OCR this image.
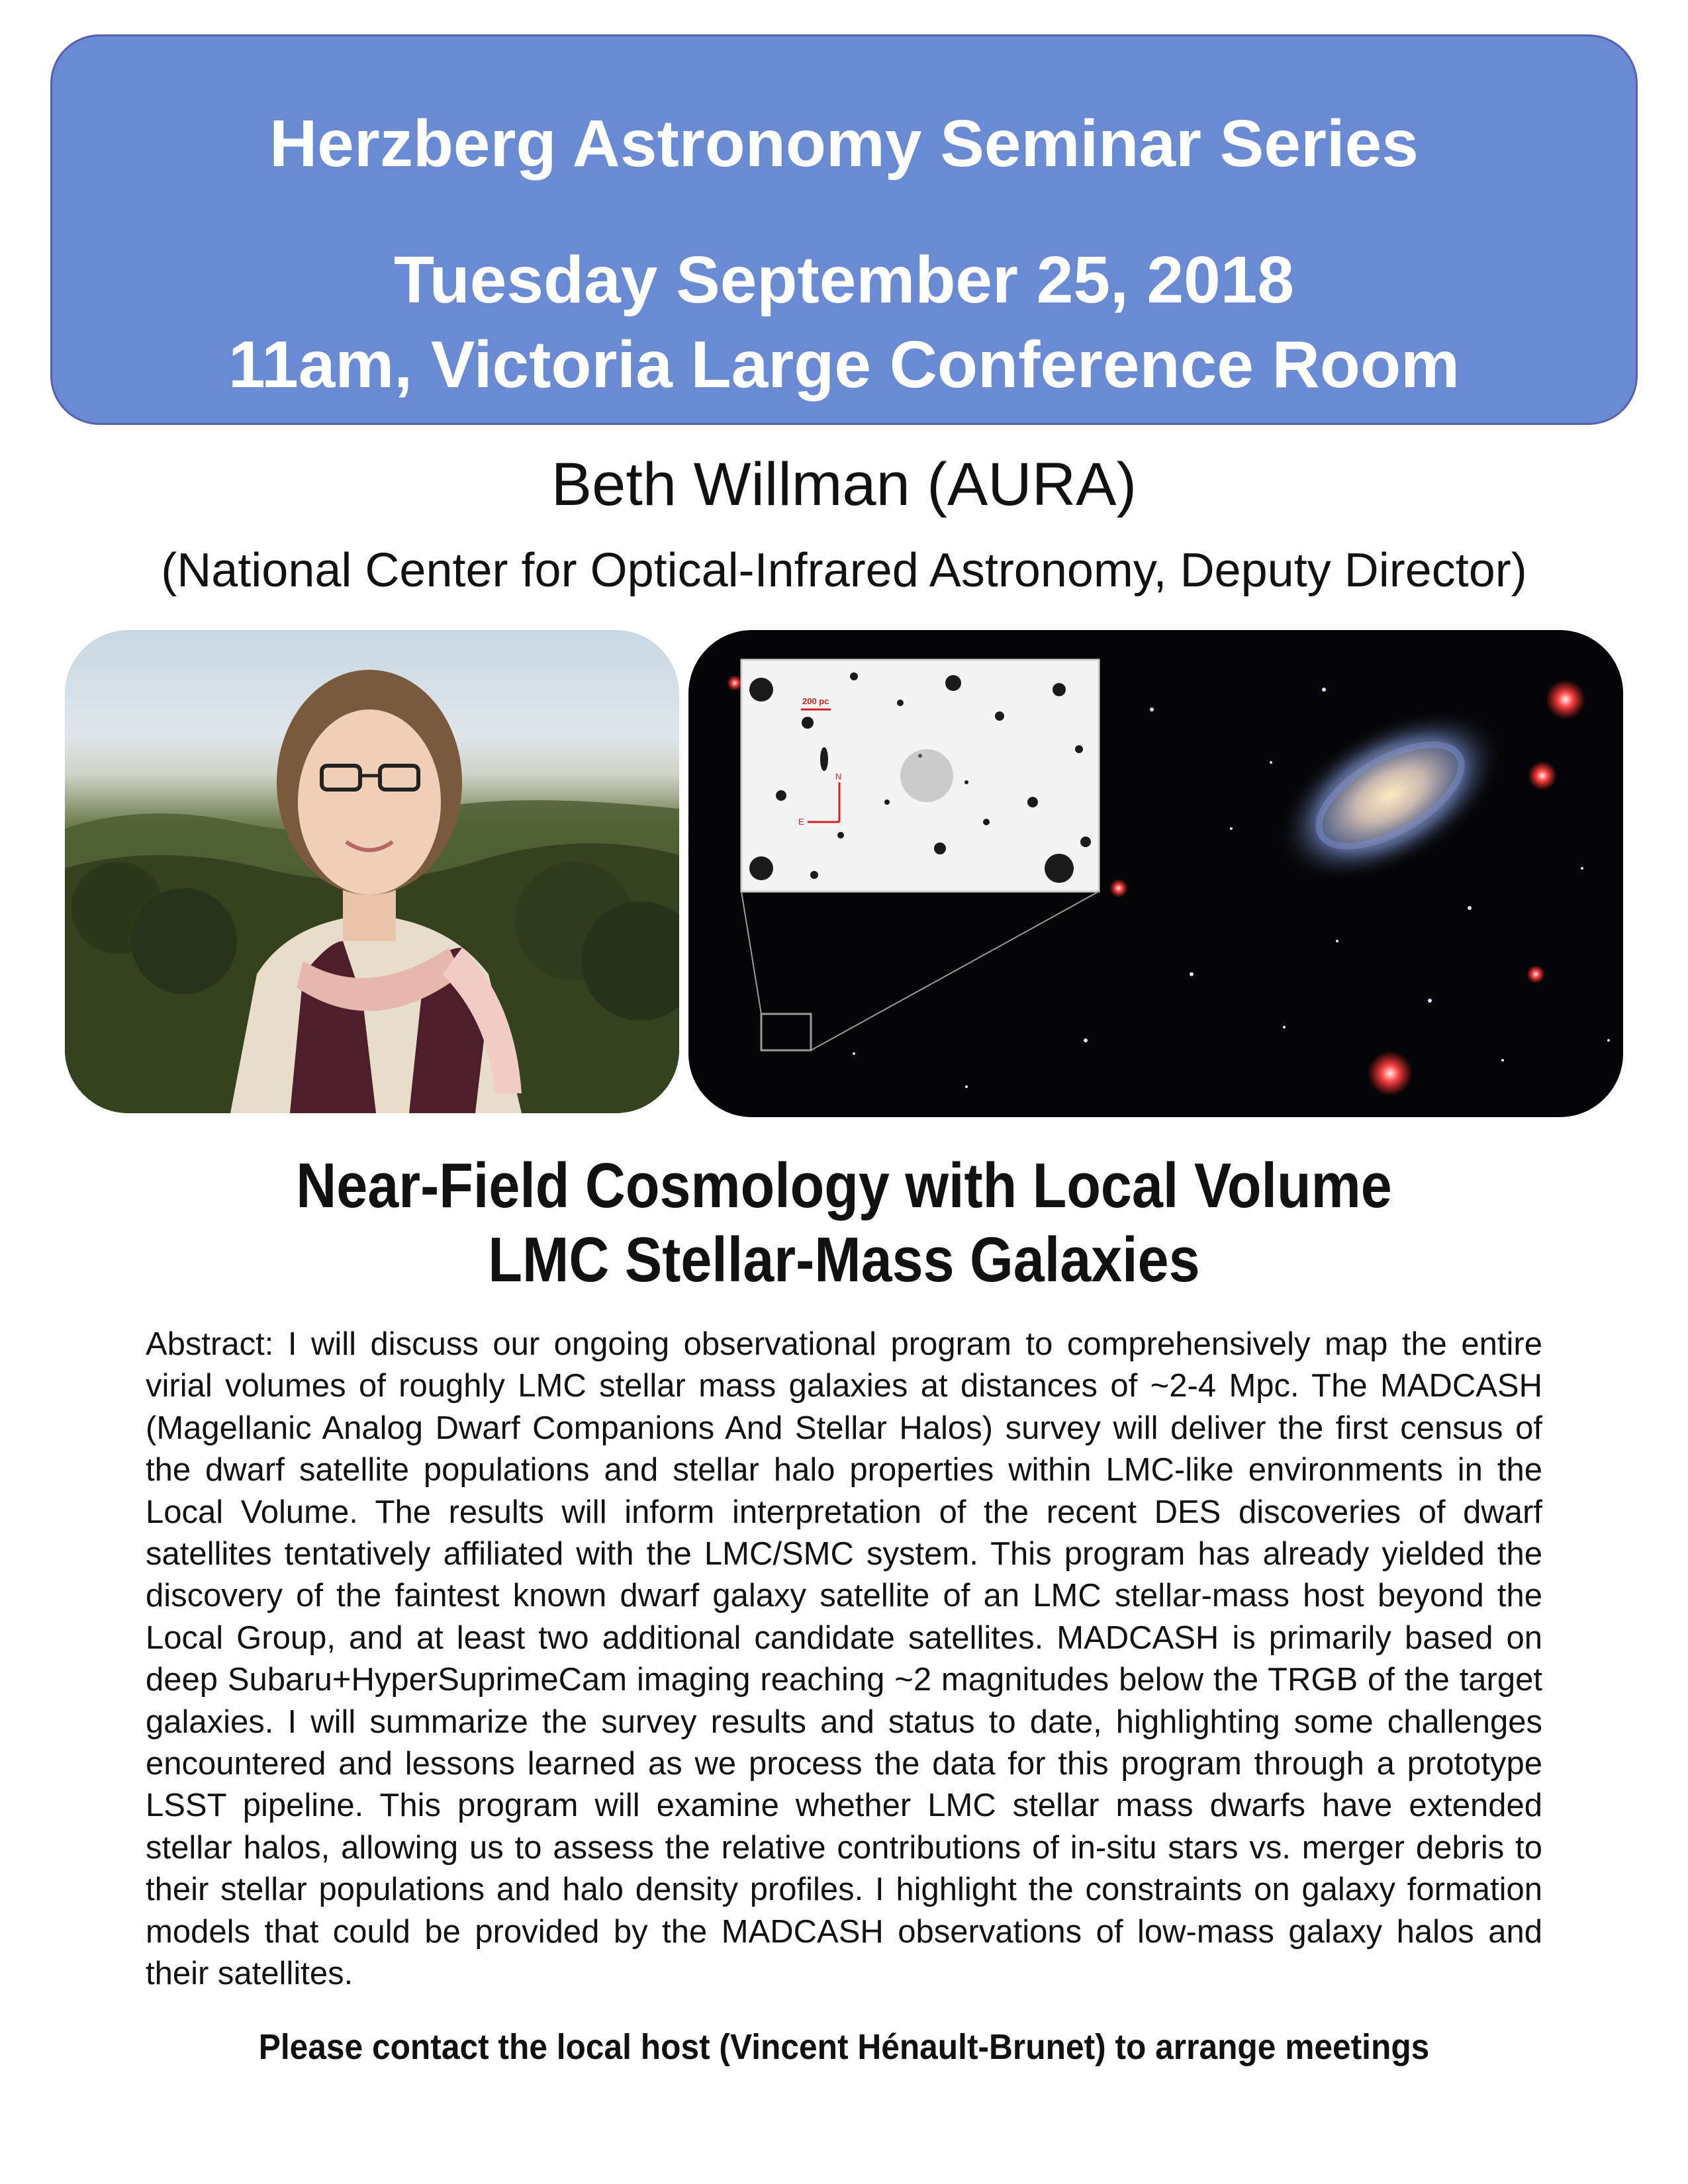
Herzberg Astronomy Seminar Series
Tuesday September 25, 2018
11am, Victoria Large Conference Room
Beth Willman (AURA)
(National Center for Optical-Infrared Astronomy, Deputy Director)
200 pc
N
E
Near-Field Cosmology with Local Volume
LMC Stellar-Mass Galaxies

Abstract: I will discuss our ongoing observational program to comprehensively map the entire virial volumes of roughly LMC stellar mass galaxies at distances of ~2-4 Mpc. The MADCASH (Magellanic Analog Dwarf Companions And Stellar Halos) survey will deliver the first census of the dwarf satellite populations and stellar halo properties within LMC-like environments in the Local Volume. The results will inform interpretation of the recent DES discoveries of dwarf satellites tentatively affiliated with the LMC/SMC system. This program has already yielded the discovery of the faintest known dwarf galaxy satellite of an LMC stellar-mass host beyond the Local Group, and at least two additional candidate satellites. MADCASH is primarily based on deep Subaru+HyperSuprimeCam imaging reaching ~2 magnitudes below the TRGB of the target galaxies. I will summarize the survey results and status to date, highlighting some challenges encountered and lessons learned as we process the data for this program through a prototype LSST pipeline. This program will examine whether LMC stellar mass dwarfs have extended stellar halos, allowing us to assess the relative contributions of in-situ stars vs. merger debris to their stellar populations and halo density profiles. I highlight the constraints on galaxy formation models that could be provided by the MADCASH observations of low-mass galaxy halos and their satellites.

Please contact the local host (Vincent Hénault-Brunet) to arrange meetings
